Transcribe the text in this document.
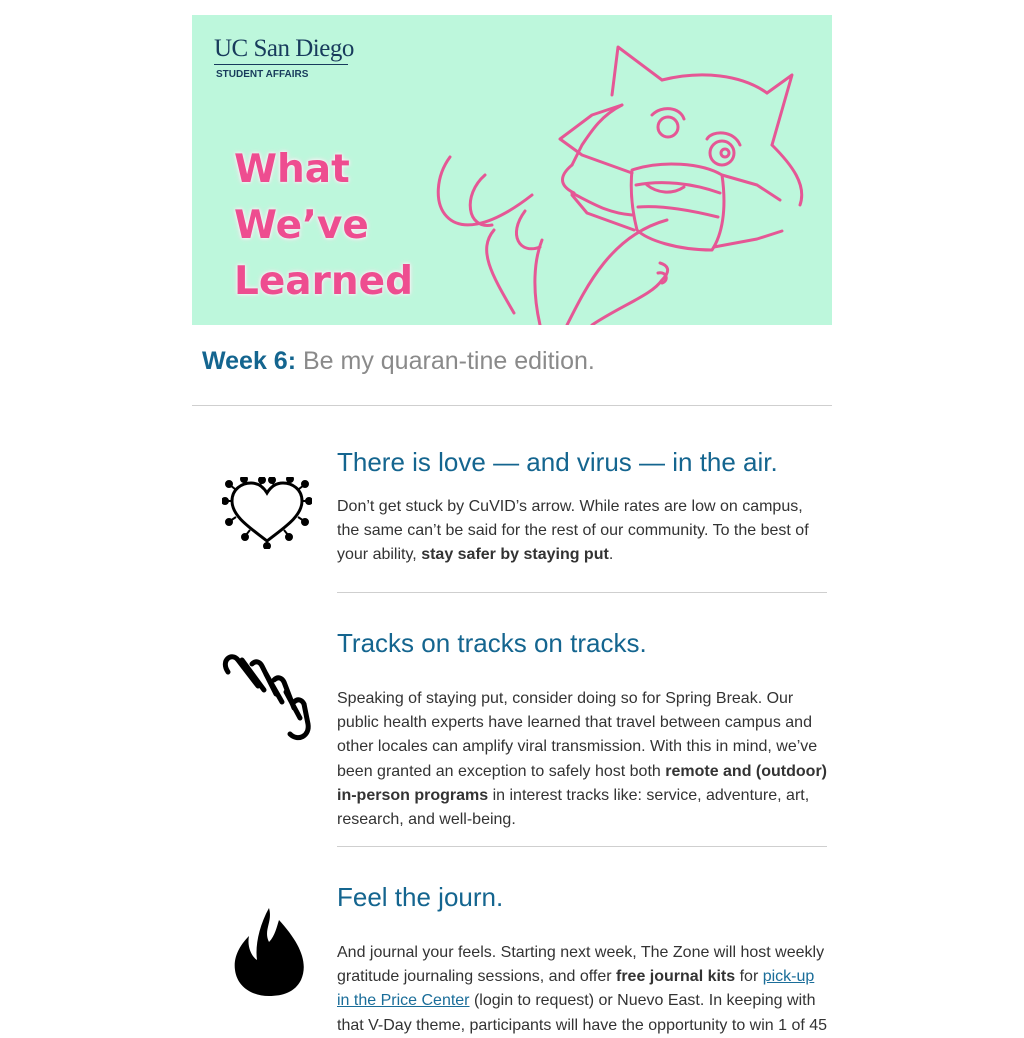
UC San Diego
STUDENT AFFAIRS
What
We’ve
Learned
Week 6: Be my quaran-tine edition.
There is love — and virus — in the air.
Don’t get stuck by CuVID’s arrow. While rates are low on campus, the same can’t be said for the rest of our community. To the best of your ability, stay safer by staying put.
Tracks on tracks on tracks.
Speaking of staying put, consider doing so for Spring Break. Our public health experts have learned that travel between campus and other locales can amplify viral transmission. With this in mind, we’ve been granted an exception to safely host both remote and (outdoor) in-person programs in interest tracks like: service, adventure, art, research, and well-being.
Feel the journ.
And journal your feels. Starting next week, The Zone will host weekly gratitude journaling sessions, and offer free journal kits for pick-up in the Price Center (login to request) or Nuevo East. In keeping with that V-Day theme, participants will have the opportunity to win 1 of 45
